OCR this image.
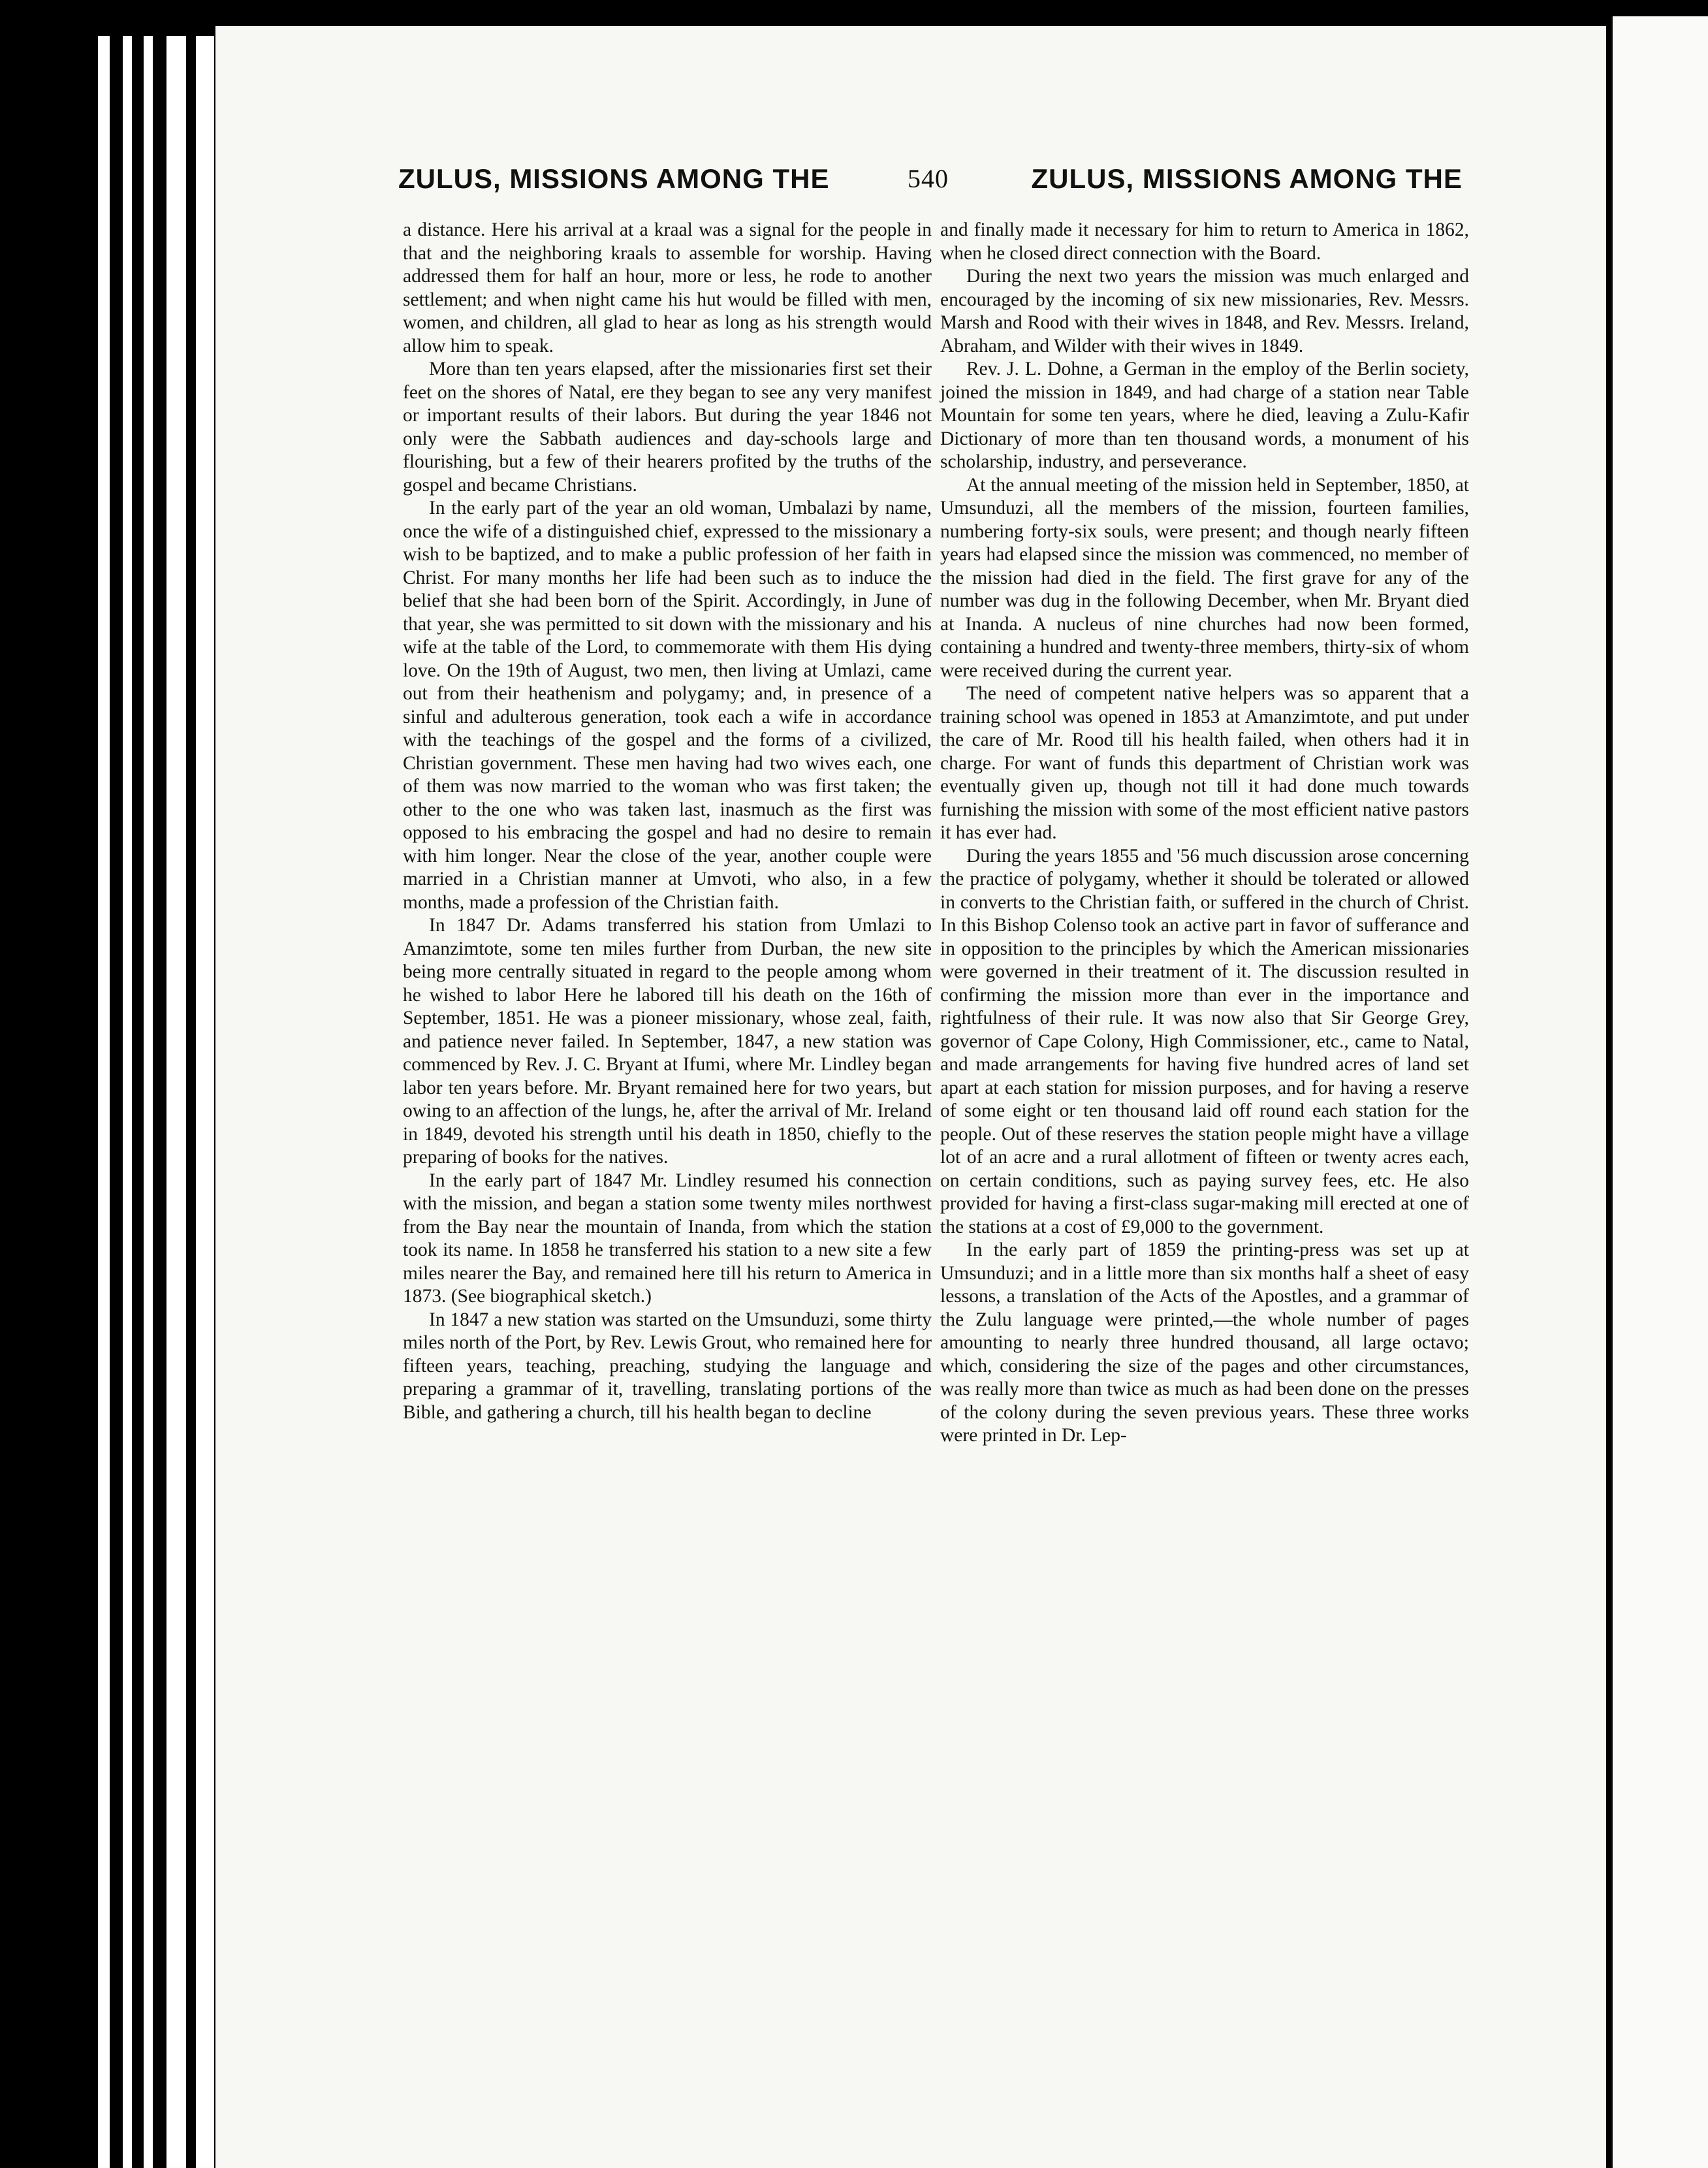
ZULUS, MISSIONS AMONG THE	540	ZULUS, MISSIONS AMONG THE

a distance. Here his arrival at a kraal was a signal for the people in that and the neighboring kraals to assemble for worship. Having addressed them for half an hour, more or less, he rode to another settlement; and when night came his hut would be filled with men, women, and children, all glad to hear as long as his strength would allow him to speak.

More than ten years elapsed, after the missionaries first set their feet on the shores of Natal, ere they began to see any very manifest or important results of their labors. But during the year 1846 not only were the Sabbath audiences and day-schools large and flourishing, but a few of their hearers profited by the truths of the gospel and became Christians.

In the early part of the year an old woman, Umbalazi by name, once the wife of a distinguished chief, expressed to the missionary a wish to be baptized, and to make a public profession of her faith in Christ. For many months her life had been such as to induce the belief that she had been born of the Spirit. Accordingly, in June of that year, she was permitted to sit down with the missionary and his wife at the table of the Lord, to commemorate with them His dying love. On the 19th of August, two men, then living at Umlazi, came out from their heathenism and polygamy; and, in presence of a sinful and adulterous generation, took each a wife in accordance with the teachings of the gospel and the forms of a civilized, Christian government. These men having had two wives each, one of them was now married to the woman who was first taken; the other to the one who was taken last, inasmuch as the first was opposed to his embracing the gospel and had no desire to remain with him longer. Near the close of the year, another couple were married in a Christian manner at Umvoti, who also, in a few months, made a profession of the Christian faith.

In 1847 Dr. Adams transferred his station from Umlazi to Amanzimtote, some ten miles further from Durban, the new site being more centrally situated in regard to the people among whom he wished to labor Here he labored till his death on the 16th of September, 1851. He was a pioneer missionary, whose zeal, faith, and patience never failed. In September, 1847, a new station was commenced by Rev. J. C. Bryant at Ifumi, where Mr. Lindley began labor ten years before. Mr. Bryant remained here for two years, but owing to an affection of the lungs, he, after the arrival of Mr. Ireland in 1849, devoted his strength until his death in 1850, chiefly to the preparing of books for the natives.

In the early part of 1847 Mr. Lindley resumed his connection with the mission, and began a station some twenty miles northwest from the Bay near the mountain of Inanda, from which the station took its name. In 1858 he transferred his station to a new site a few miles nearer the Bay, and remained here till his return to America in 1873. (See biographical sketch.)

In 1847 a new station was started on the Umsunduzi, some thirty miles north of the Port, by Rev. Lewis Grout, who remained here for fifteen years, teaching, preaching, studying the language and preparing a grammar of it, travelling, translating portions of the Bible, and gathering a church, till his health began to decline

and finally made it necessary for him to return to America in 1862, when he closed direct connection with the Board.

During the next two years the mission was much enlarged and encouraged by the incoming of six new missionaries, Rev. Messrs. Marsh and Rood with their wives in 1848, and Rev. Messrs. Ireland, Abraham, and Wilder with their wives in 1849.

Rev. J. L. Dohne, a German in the employ of the Berlin society, joined the mission in 1849, and had charge of a station near Table Mountain for some ten years, where he died, leaving a Zulu-Kafir Dictionary of more than ten thousand words, a monument of his scholarship, industry, and perseverance.

At the annual meeting of the mission held in September, 1850, at Umsunduzi, all the members of the mission, fourteen families, numbering forty-six souls, were present; and though nearly fifteen years had elapsed since the mission was commenced, no member of the mission had died in the field. The first grave for any of the number was dug in the following December, when Mr. Bryant died at Inanda. A nucleus of nine churches had now been formed, containing a hundred and twenty-three members, thirty-six of whom were received during the current year.

The need of competent native helpers was so apparent that a training school was opened in 1853 at Amanzimtote, and put under the care of Mr. Rood till his health failed, when others had it in charge. For want of funds this department of Christian work was eventually given up, though not till it had done much towards furnishing the mission with some of the most efficient native pastors it has ever had.

During the years 1855 and '56 much discussion arose concerning the practice of polygamy, whether it should be tolerated or allowed in converts to the Christian faith, or suffered in the church of Christ. In this Bishop Colenso took an active part in favor of sufferance and in opposition to the principles by which the American missionaries were governed in their treatment of it. The discussion resulted in confirming the mission more than ever in the importance and rightfulness of their rule. It was now also that Sir George Grey, governor of Cape Colony, High Commissioner, etc., came to Natal, and made arrangements for having five hundred acres of land set apart at each station for mission purposes, and for having a reserve of some eight or ten thousand laid off round each station for the people. Out of these reserves the station people might have a village lot of an acre and a rural allotment of fifteen or twenty acres each, on certain conditions, such as paying survey fees, etc. He also provided for having a first-class sugar-making mill erected at one of the stations at a cost of £9,000 to the government.

In the early part of 1859 the printing-press was set up at Umsunduzi; and in a little more than six months half a sheet of easy lessons, a translation of the Acts of the Apostles, and a grammar of the Zulu language were printed,—the whole number of pages amounting to nearly three hundred thousand, all large octavo; which, considering the size of the pages and other circumstances, was really more than twice as much as had been done on the presses of the colony during the seven previous years. These three works were printed in Dr. Lep-
